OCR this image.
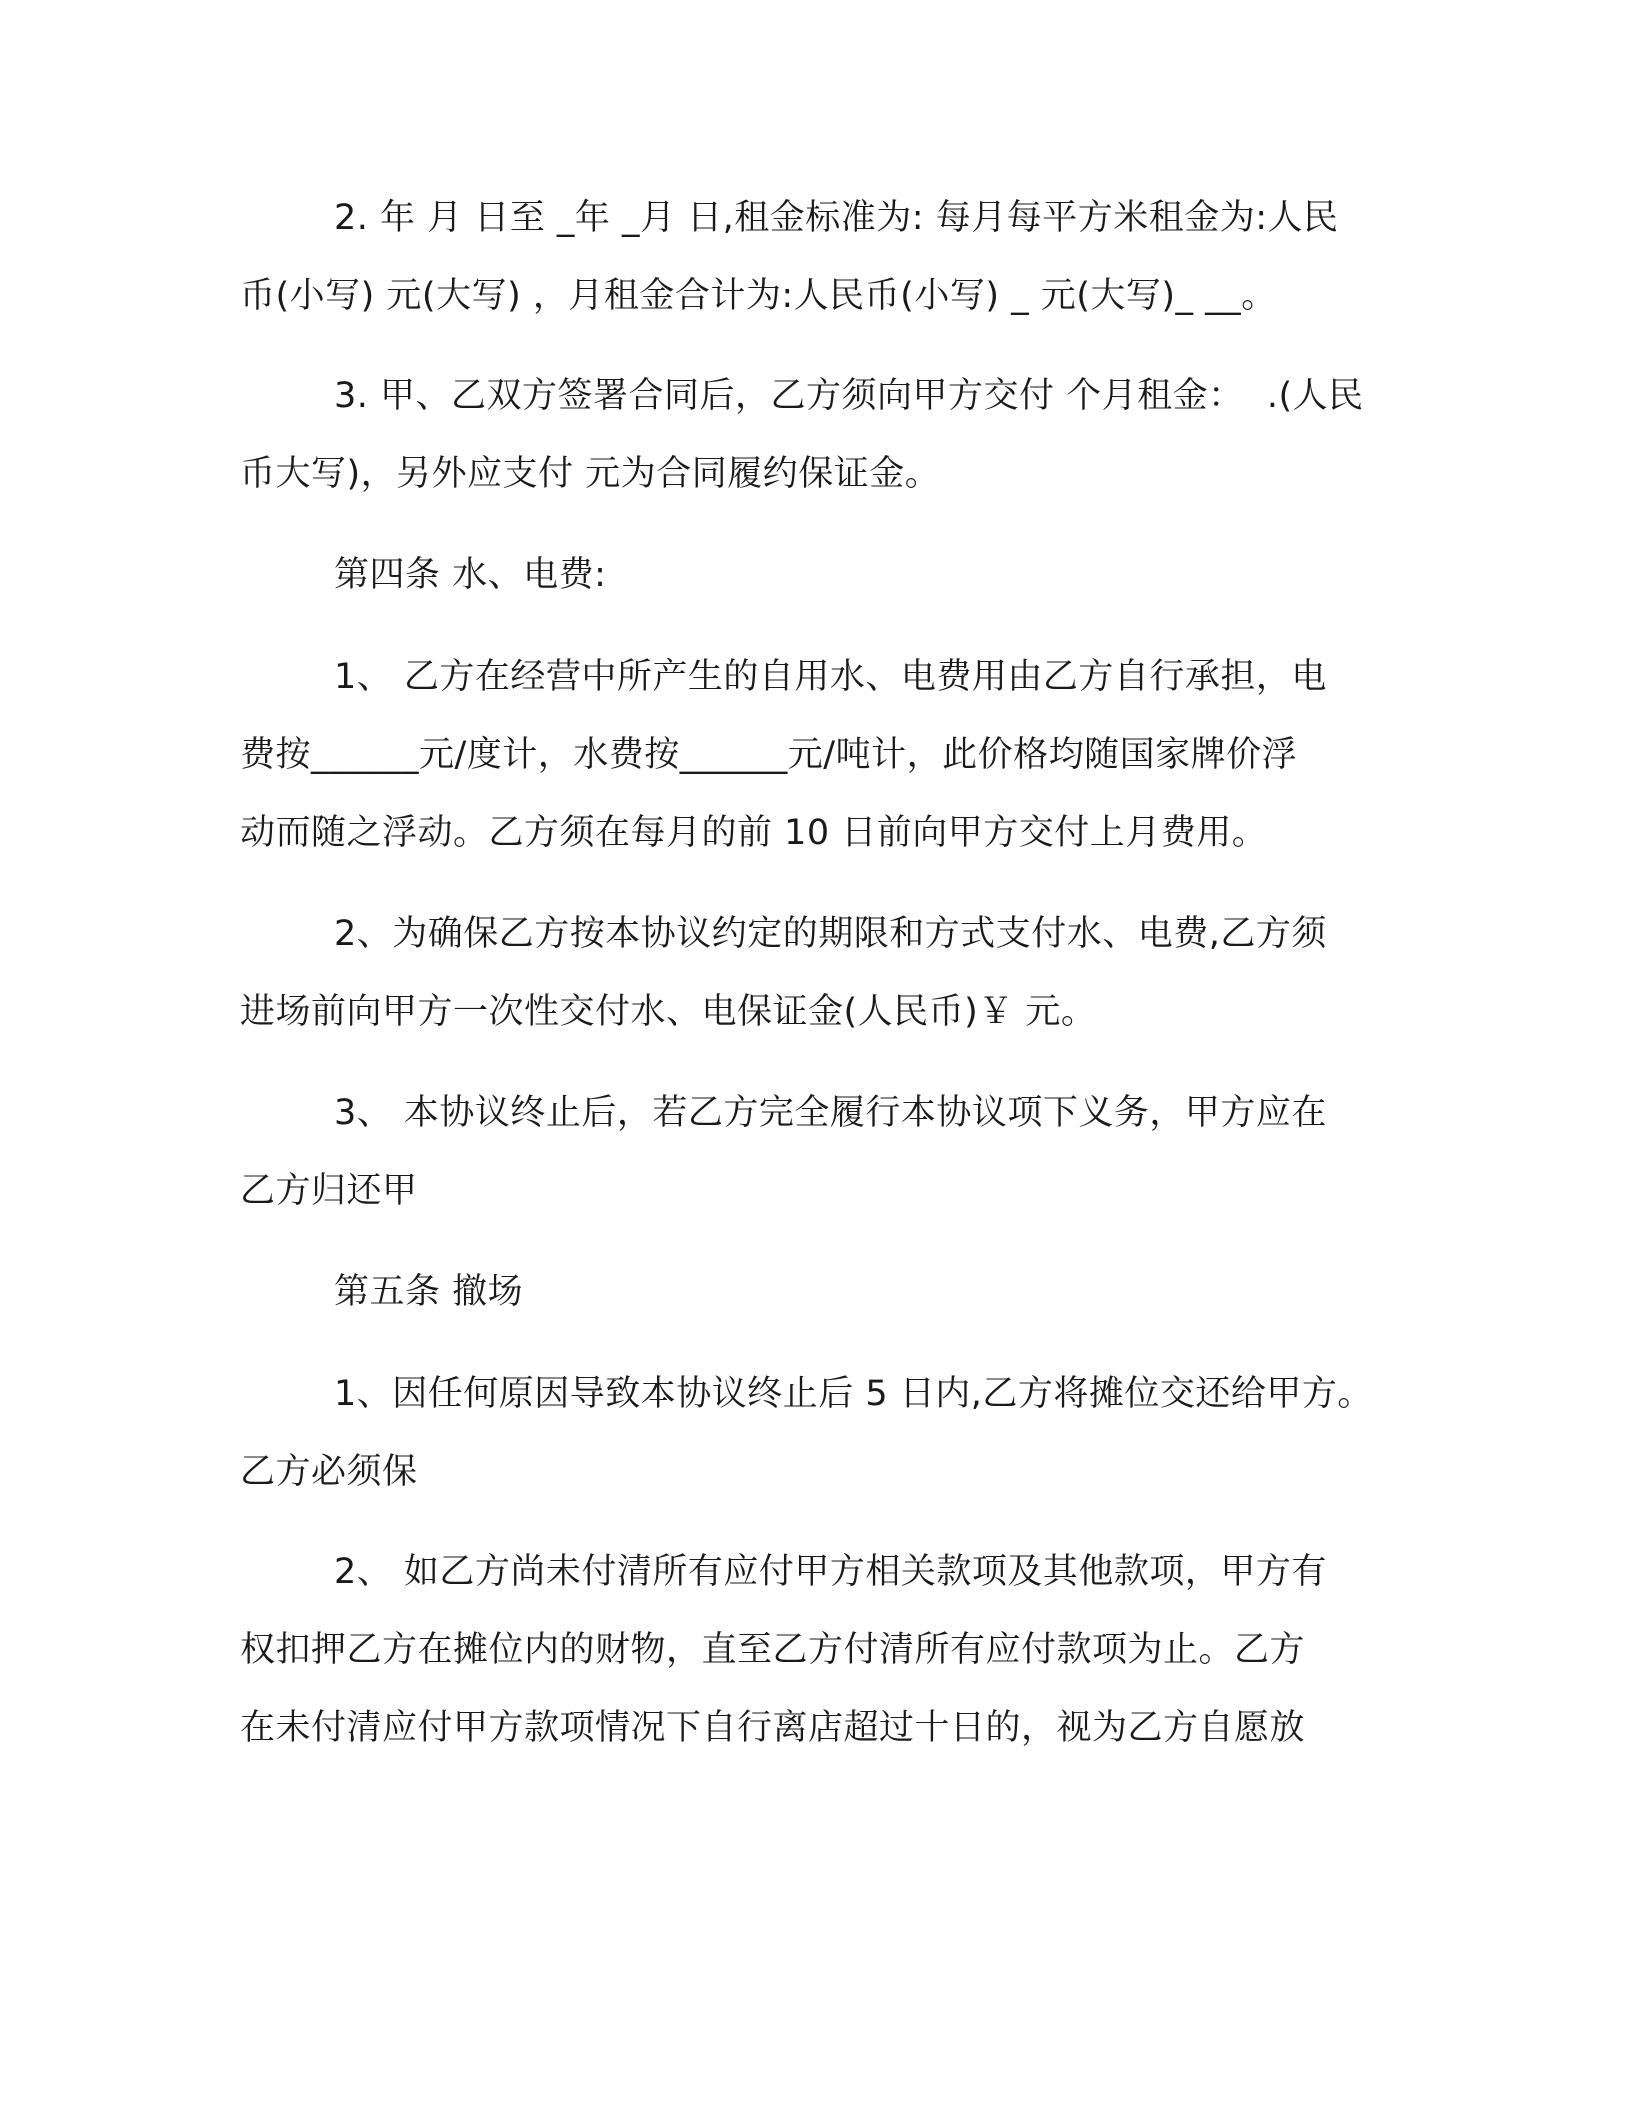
2. 年 月 日至 _年 _月 日,租金标准为: 每月每平方米租金为:人民
币(小写) 元(大写) ，月租金合计为:人民币(小写) _ 元(大写)_ __。
3. 甲、乙双方签署合同后，乙方须向甲方交付 个月租金：  .(人民
币大写)，另外应支付 元为合同履约保证金。
第四条 水、电费:
1、 乙方在经营中所产生的自用水、电费用由乙方自行承担，电
费按______元/度计，水费按______元/吨计，此价格均随国家牌价浮
动而随之浮动。乙方须在每月的前 10 日前向甲方交付上月费用。
2、为确保乙方按本协议约定的期限和方式支付水、电费,乙方须
进场前向甲方一次性交付水、电保证金(人民币)￥ 元。
3、 本协议终止后，若乙方完全履行本协议项下义务，甲方应在
乙方归还甲
第五条 撤场
1、因任何原因导致本协议终止后 5 日内,乙方将摊位交还给甲方。
乙方必须保
2、 如乙方尚未付清所有应付甲方相关款项及其他款项，甲方有
权扣押乙方在摊位内的财物，直至乙方付清所有应付款项为止。乙方
在未付清应付甲方款项情况下自行离店超过十日的，视为乙方自愿放
